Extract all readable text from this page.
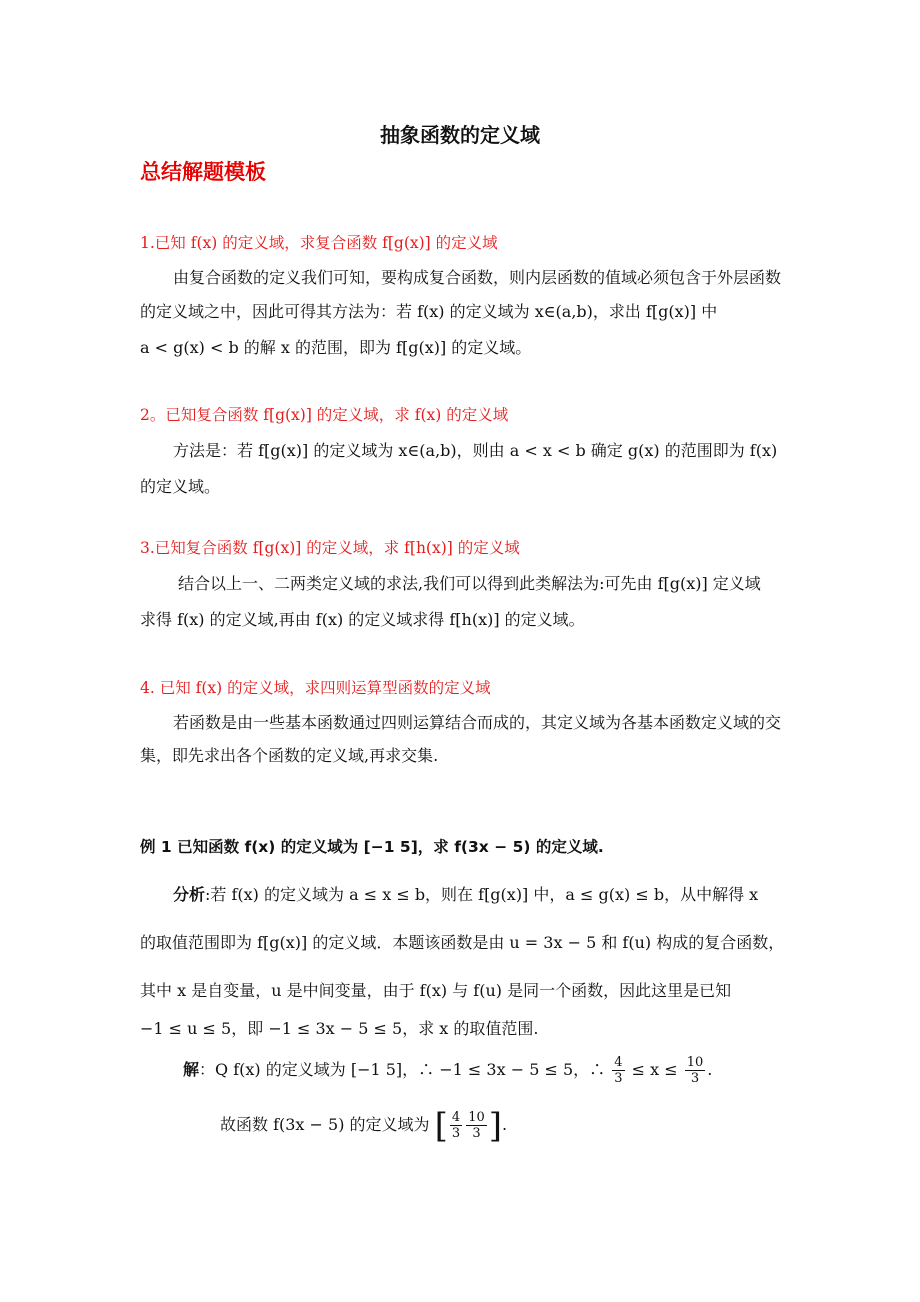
抽象函数的定义域
总结解题模板
1.已知 f(x) 的定义域，求复合函数 f[g(x)] 的定义域
由复合函数的定义我们可知，要构成复合函数，则内层函数的值域必须包含于外层函数
的定义域之中，因此可得其方法为：若 f(x) 的定义域为 x∈(a,b)，求出 f[g(x)] 中
a < g(x) < b 的解 x 的范围，即为 f[g(x)] 的定义域。
2。已知复合函数 f[g(x)] 的定义域，求 f(x) 的定义域
方法是：若 f[g(x)] 的定义域为 x∈(a,b)，则由 a < x < b 确定 g(x) 的范围即为 f(x)
的定义域。
3.已知复合函数 f[g(x)] 的定义域，求 f[h(x)] 的定义域
结合以上一、二两类定义域的求法,我们可以得到此类解法为:可先由 f[g(x)] 定义域
求得 f(x) 的定义域,再由 f(x) 的定义域求得 f[h(x)] 的定义域。
4. 已知 f(x) 的定义域，求四则运算型函数的定义域
若函数是由一些基本函数通过四则运算结合而成的，其定义域为各基本函数定义域的交
集，即先求出各个函数的定义域,再求交集.
例 1 已知函数 f(x) 的定义域为 [−1 5]，求 f(3x − 5) 的定义域.
分析:若 f(x) 的定义域为 a ≤ x ≤ b，则在 f[g(x)] 中，a ≤ g(x) ≤ b，从中解得 x
的取值范围即为 f[g(x)] 的定义域．本题该函数是由 u = 3x − 5 和 f(u) 构成的复合函数，
其中 x 是自变量，u 是中间变量，由于 f(x) 与 f(u) 是同一个函数，因此这里是已知
−1 ≤ u ≤ 5，即 −1 ≤ 3x − 5 ≤ 5，求 x 的取值范围.
解：Q f(x) 的定义域为 [−1 5]，∴ −1 ≤ 3x − 5 ≤ 5，∴ $\frac{4}{3} \le x \le \frac{10}{3}$ .
故函数 f(3x − 5) 的定义域为 [ $\frac{4}{3} \frac{10}{3}$ ].
